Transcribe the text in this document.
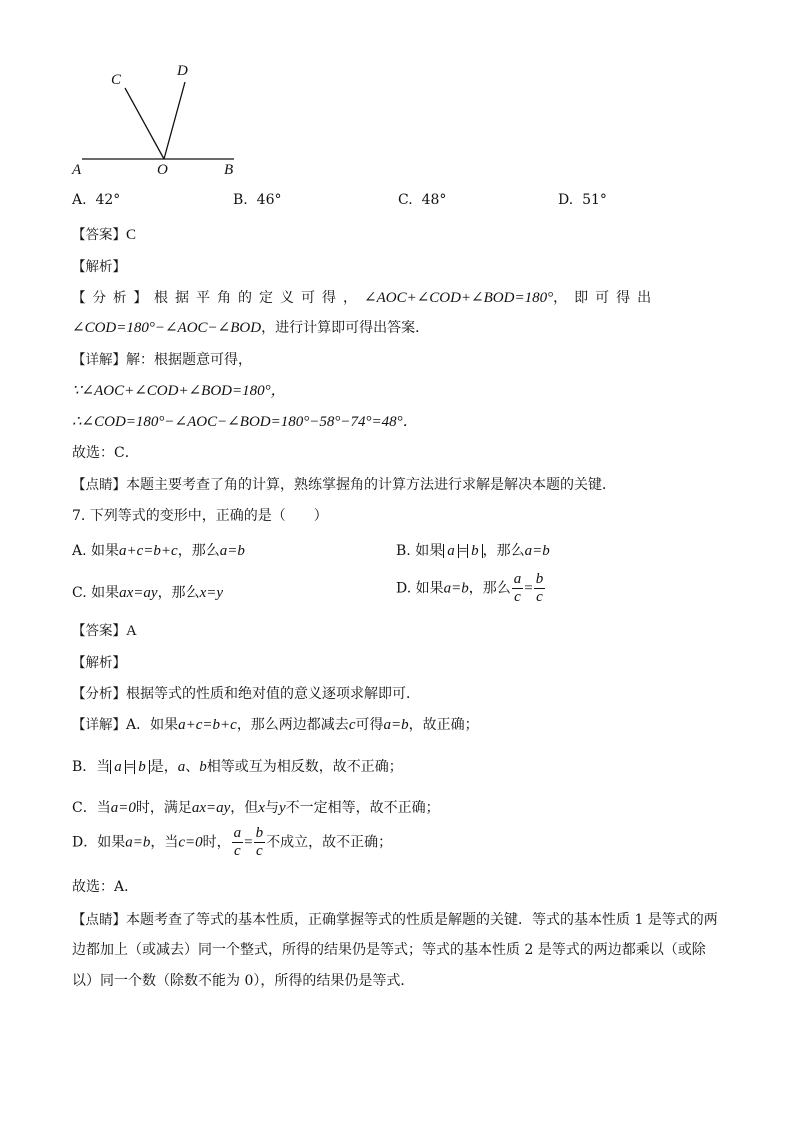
A	O	B
C
D
A. 42°	B. 46°	C. 48°	D. 51°
【答案】C
【解析】
【分析】根据平角的定义可得，∠AOC+∠COD+∠BOD=180°，即可得出
∠COD=180°−∠AOC−∠BOD，进行计算即可得出答案．
【详解】解：根据题意可得，
∵∠AOC+∠COD+∠BOD=180°，
∴∠COD=180°−∠AOC−∠BOD=180°−58°−74°=48°．
故选：C．
【点睛】本题主要考查了角的计算，熟练掌握角的计算方法进行求解是解决本题的关键．
7. 下列等式的变形中，正确的是（　　）
A. 如果a+c=b+c，那么a=b	B. 如果 a = b ，那么a=b
C. 如果ax=ay，那么x=y	D. 如果a=b，那么 $\frac{a}{c} = \frac{b}{c}$
【答案】A
【解析】
【分析】根据等式的性质和绝对值的意义逐项求解即可．
【详解】A．如果a+c=b+c，那么两边都减去c可得a=b，故正确；
B．当 a = b 是，a、b相等或互为相反数，故不正确；
C．当a=0时，满足ax=ay，但x与y不一定相等，故不正确；
D．如果a=b，当c=0时， $\frac{a}{c} = \frac{b}{c}$ 不成立，故不正确；
故选：A．
【点睛】本题考查了等式的基本性质，正确掌握等式的性质是解题的关键．等式的基本性质 1 是等式的两
边都加上（或减去）同一个整式，所得的结果仍是等式；等式的基本性质 2 是等式的两边都乘以（或除
以）同一个数（除数不能为 0），所得的结果仍是等式．
